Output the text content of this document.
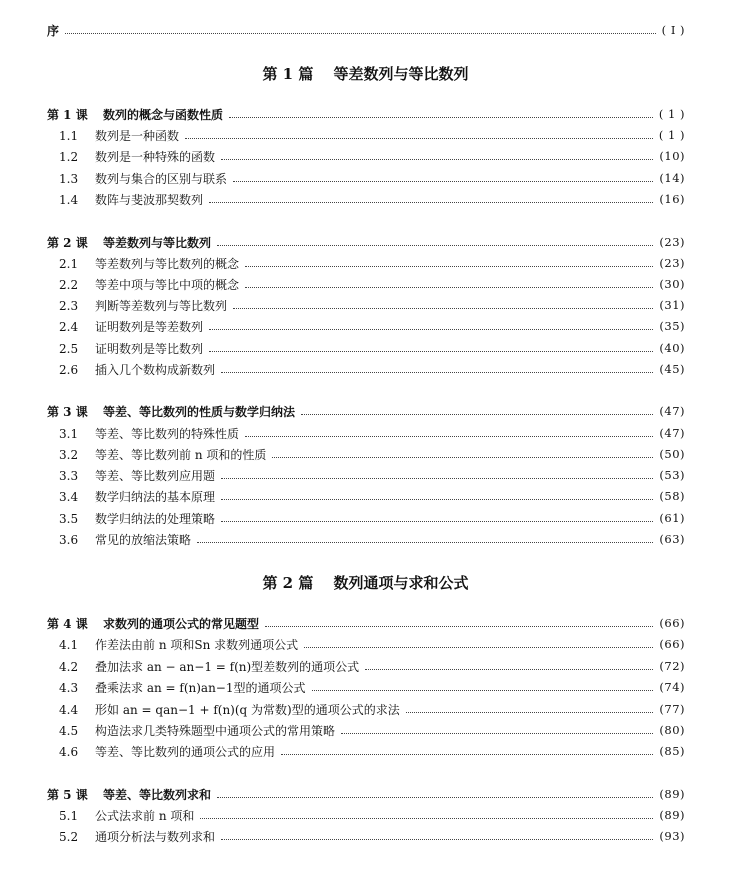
序	( Ⅰ )
第 1 篇　 等差数列与等比数列
第 1 课 数列的概念与函数性质	( 1 )
1.1 数列是一种函数	( 1 )
1.2 数列是一种特殊的函数	(10)
1.3 数列与集合的区别与联系	(14)
1.4 数阵与斐波那契数列	(16)
第 2 课 等差数列与等比数列	(23)
2.1 等差数列与等比数列的概念	(23)
2.2 等差中项与等比中项的概念	(30)
2.3 判断等差数列与等比数列	(31)
2.4 证明数列是等差数列	(35)
2.5 证明数列是等比数列	(40)
2.6 插入几个数构成新数列	(45)
第 3 课 等差、等比数列的性质与数学归纳法	(47)
3.1 等差、等比数列的特殊性质	(47)
3.2 等差、等比数列前 n 项和的性质	(50)
3.3 等差、等比数列应用题	(53)
3.4 数学归纳法的基本原理	(58)
3.5 数学归纳法的处理策略	(61)
3.6 常见的放缩法策略	(63)
第 2 篇　 数列通项与求和公式
第 4 课 求数列的通项公式的常见题型	(66)
4.1 作差法由前 n 项和Sn 求数列通项公式	(66)
4.2 叠加法求 an − an−1 = f(n)型差数列的通项公式	(72)
4.3 叠乘法求 an = f(n)an−1型的通项公式	(74)
4.4 形如 an = qan−1 + f(n)(q 为常数)型的通项公式的求法	(77)
4.5 构造法求几类特殊题型中通项公式的常用策略	(80)
4.6 等差、等比数列的通项公式的应用	(85)
第 5 课 等差、等比数列求和	(89)
5.1 公式法求前 n 项和	(89)
5.2 通项分析法与数列求和	(93)
